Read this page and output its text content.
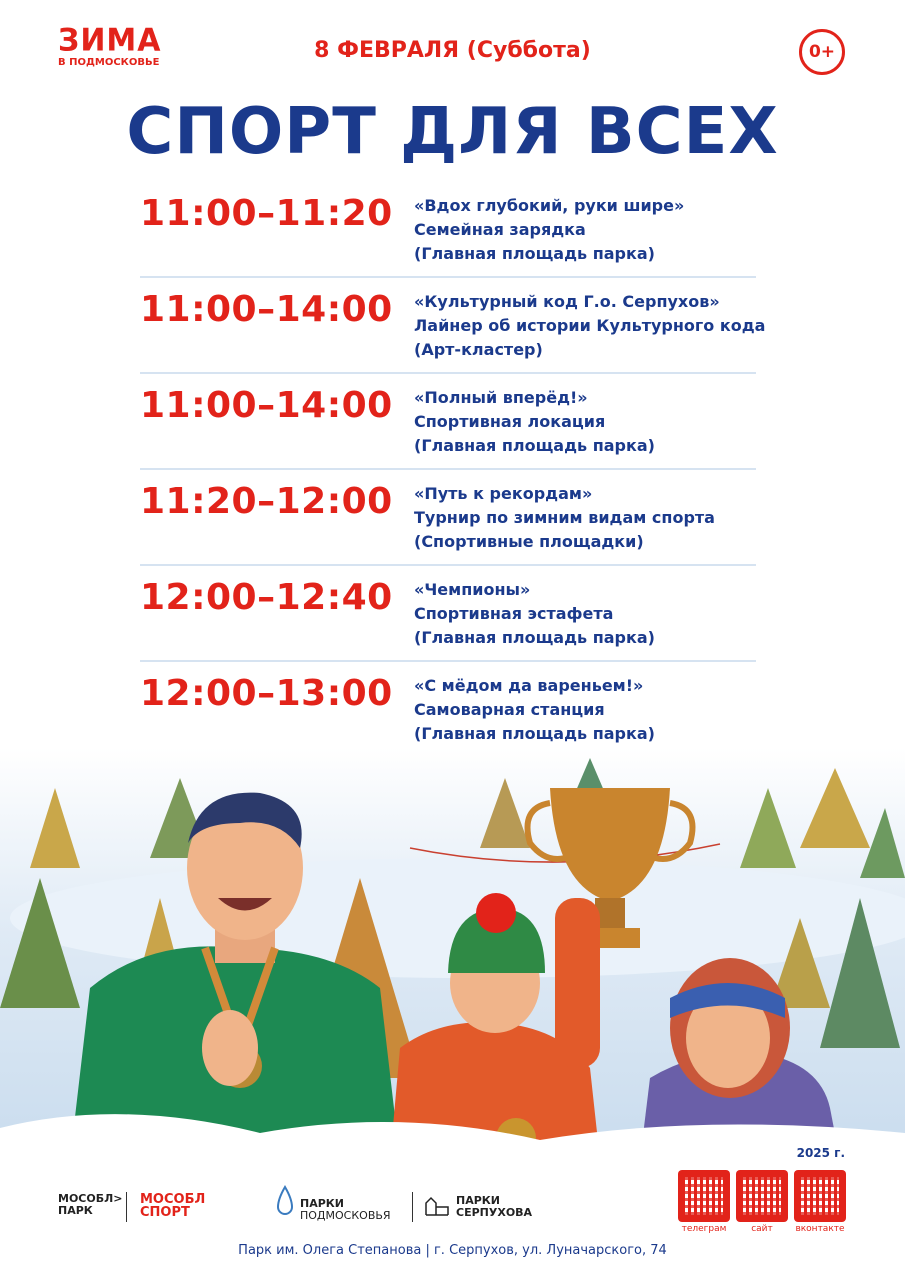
ЗИМА
В ПОДМОСКОВЬЕ	8 ФЕВРАЛЯ (Суббота)	0+
СПОРТ ДЛЯ ВСЕХ
11:00–11:20 «Вдох глубокий, руки шире»
Семейная зарядка
(Главная площадь парка)
11:00–14:00 «Культурный код Г.о. Серпухов»
Лайнер об истории Культурного кода
(Арт-кластер)
11:00–14:00 «Полный вперёд!»
Спортивная локация
(Главная площадь парка)
11:20–12:00 «Путь к рекордам»
Турнир по зимним видам спорта
(Спортивные площадки)
12:00–12:40 «Чемпионы»
Спортивная эстафета
(Главная площадь парка)
12:00–13:00 «С мёдом да вареньем!»
Самоварная станция
(Главная площадь парка)
2025 г.
МОСОБЛ>
ПАРК
МОСОБЛ
СПОРТ
ПАРКИ
ПОДМОСКОВЬЯ
ПАРКИ
СЕРПУХОВА
телеграм	сайт	вконтакте
Парк им. Олега Степанова | г. Серпухов, ул. Луначарского, 74
